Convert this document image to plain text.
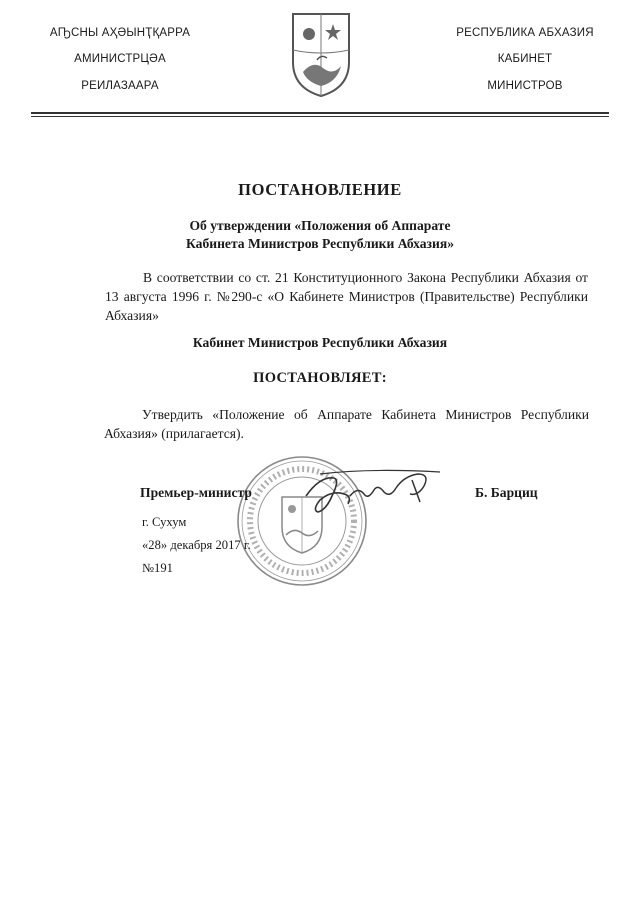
АҦСНЫ АҲӘЫНҬҚАРРА
АМИНИСТРЦӘА
РЕИЛАЗААРА
РЕСПУБЛИКА АБХАЗИЯ
КАБИНЕТ
МИНИСТРОВ
ПОСТАНОВЛЕНИЕ
Об утверждении «Положения об Аппарате
Кабинета Министров Республики Абхазия»
В соответствии со ст. 21 Конституционного Закона Республики Абхазия от 13 августа 1996 г. №290-с «О Кабинете Министров (Правительстве) Республики Абхазия»
Кабинет Министров Республики Абхазия
ПОСТАНОВЛЯЕТ:
Утвердить «Положение об Аппарате Кабинета Министров Республики Абхазия» (прилагается).
Премьер-министр	Б. Барциц
г. Сухум
«28» декабря 2017 г.
№191
